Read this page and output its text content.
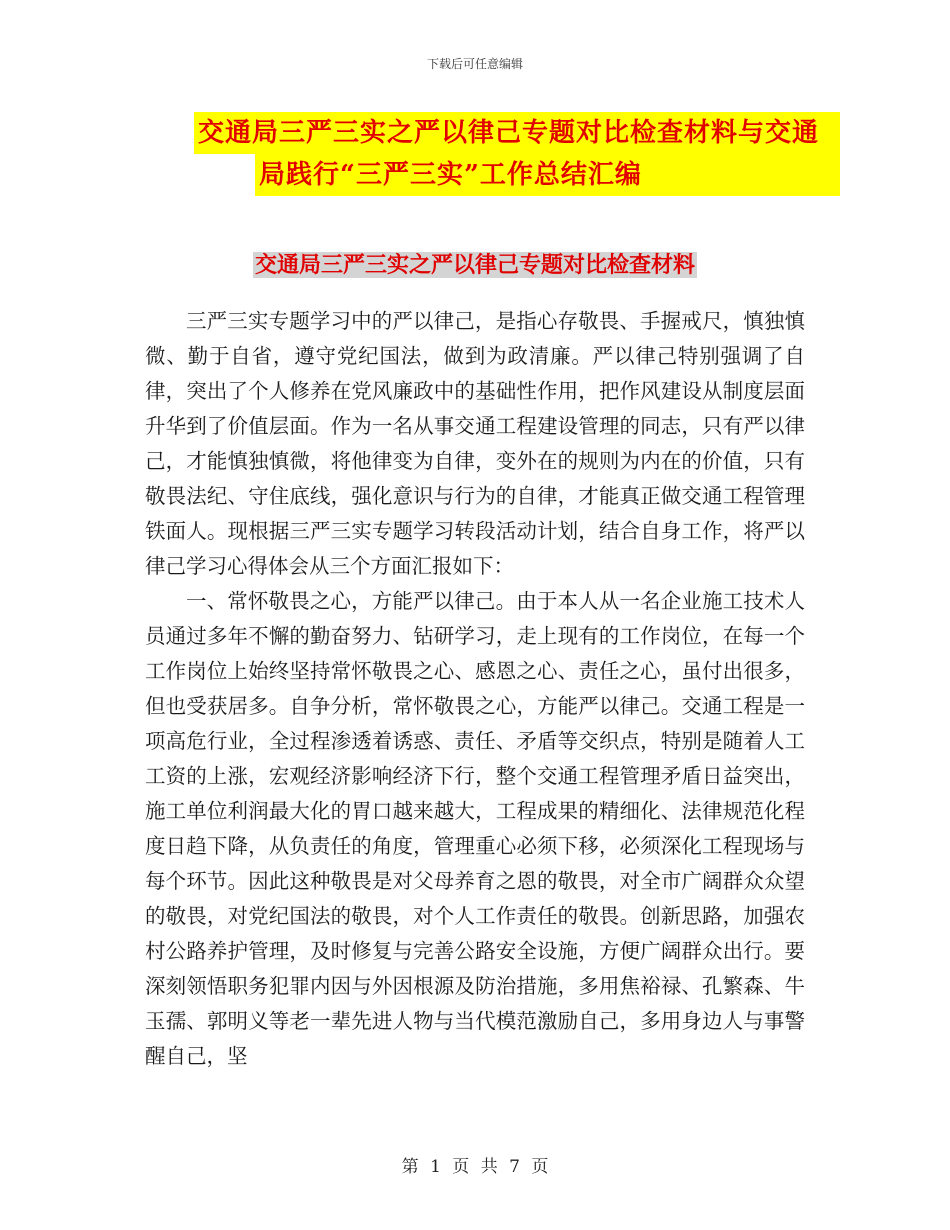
下载后可任意编辑
交通局三严三实之严以律己专题对比检查材料与交通
局践行“三严三实”工作总结汇编
交通局三严三实之严以律己专题对比检查材料

三严三实专题学习中的严以律己，是指心存敬畏、手握戒尺，慎独慎微、勤于自省，遵守党纪国法，做到为政清廉。严以律己特别强调了自律，突出了个人修养在党风廉政中的基础性作用，把作风建设从制度层面升华到了价值层面。作为一名从事交通工程建设管理的同志，只有严以律己，才能慎独慎微，将他律变为自律，变外在的规则为内在的价值，只有敬畏法纪、守住底线，强化意识与行为的自律，才能真正做交通工程管理铁面人。现根据三严三实专题学习转段活动计划，结合自身工作，将严以律己学习心得体会从三个方面汇报如下：

一、常怀敬畏之心，方能严以律己。由于本人从一名企业施工技术人员通过多年不懈的勤奋努力、钻研学习，走上现有的工作岗位，在每一个工作岗位上始终坚持常怀敬畏之心、感恩之心、责任之心，虽付出很多，但也受获居多。自争分析，常怀敬畏之心，方能严以律己。交通工程是一项高危行业，全过程渗透着诱惑、责任、矛盾等交织点，特别是随着人工工资的上涨，宏观经济影响经济下行，整个交通工程管理矛盾日益突出，施工单位利润最大化的胃口越来越大，工程成果的精细化、法律规范化程度日趋下降，从负责任的角度，管理重心必须下移，必须深化工程现场与每个环节。因此这种敬畏是对父母养育之恩的敬畏，对全市广阔群众众望的敬畏，对党纪国法的敬畏，对个人工作责任的敬畏。创新思路，加强农村公路养护管理，及时修复与完善公路安全设施，方便广阔群众出行。要深刻领悟职务犯罪内因与外因根源及防治措施，多用焦裕禄、孔繁森、牛玉孺、郭明义等老一辈先进人物与当代模范激励自己，多用身边人与事警醒自己，坚

第 1 页 共 7 页
